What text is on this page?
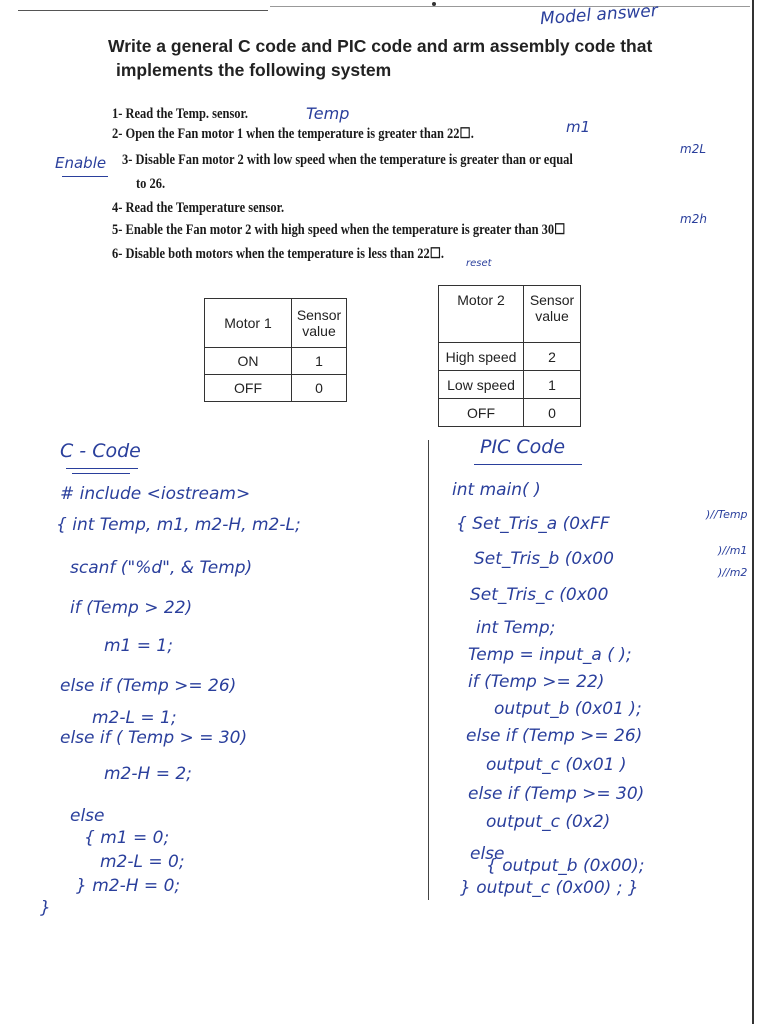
Model answer
Write a general C code and PIC code and arm assembly code that
implements the following system
1- Read the Temp. sensor.
2- Open the Fan motor 1 when the temperature is greater than 22☐.
3- Disable Fan motor 2 with low speed when the temperature is greater than or equal
to 26.
4- Read the Temperature sensor.
5- Enable the Fan motor 2 with high speed when the temperature is greater than 30☐
6- Disable both motors when the temperature is less than 22☐.
Temp
m1
Enable
m2L
m2h
reset
Motor 1	Sensor value
ON	1
OFF	0
Motor 2	Sensor value
High speed	2
Low speed	1
OFF	0
C - Code
# include <iostream>
{ int Temp, m1, m2-H, m2-L;
scanf ("%d", & Temp)
if (Temp > 22)
m1 = 1;
else if (Temp >= 26)
m2-L = 1;
else if ( Temp > = 30)
m2-H = 2;
else
{ m1 = 0;
m2-L = 0;
} m2-H = 0;
}
PIC Code
int main( )
{ Set_Tris_a (0xFF
Set_Tris_b (0x00
Set_Tris_c (0x00
int Temp;
Temp = input_a ( );
if (Temp >= 22)
output_b (0x01 );
else if (Temp >= 26)
output_c (0x01 )
else if (Temp >= 30)
output_c (0x2)
else
{ output_b (0x00);
} output_c (0x00) ; }
)//Temp
)//m1
)//m2
